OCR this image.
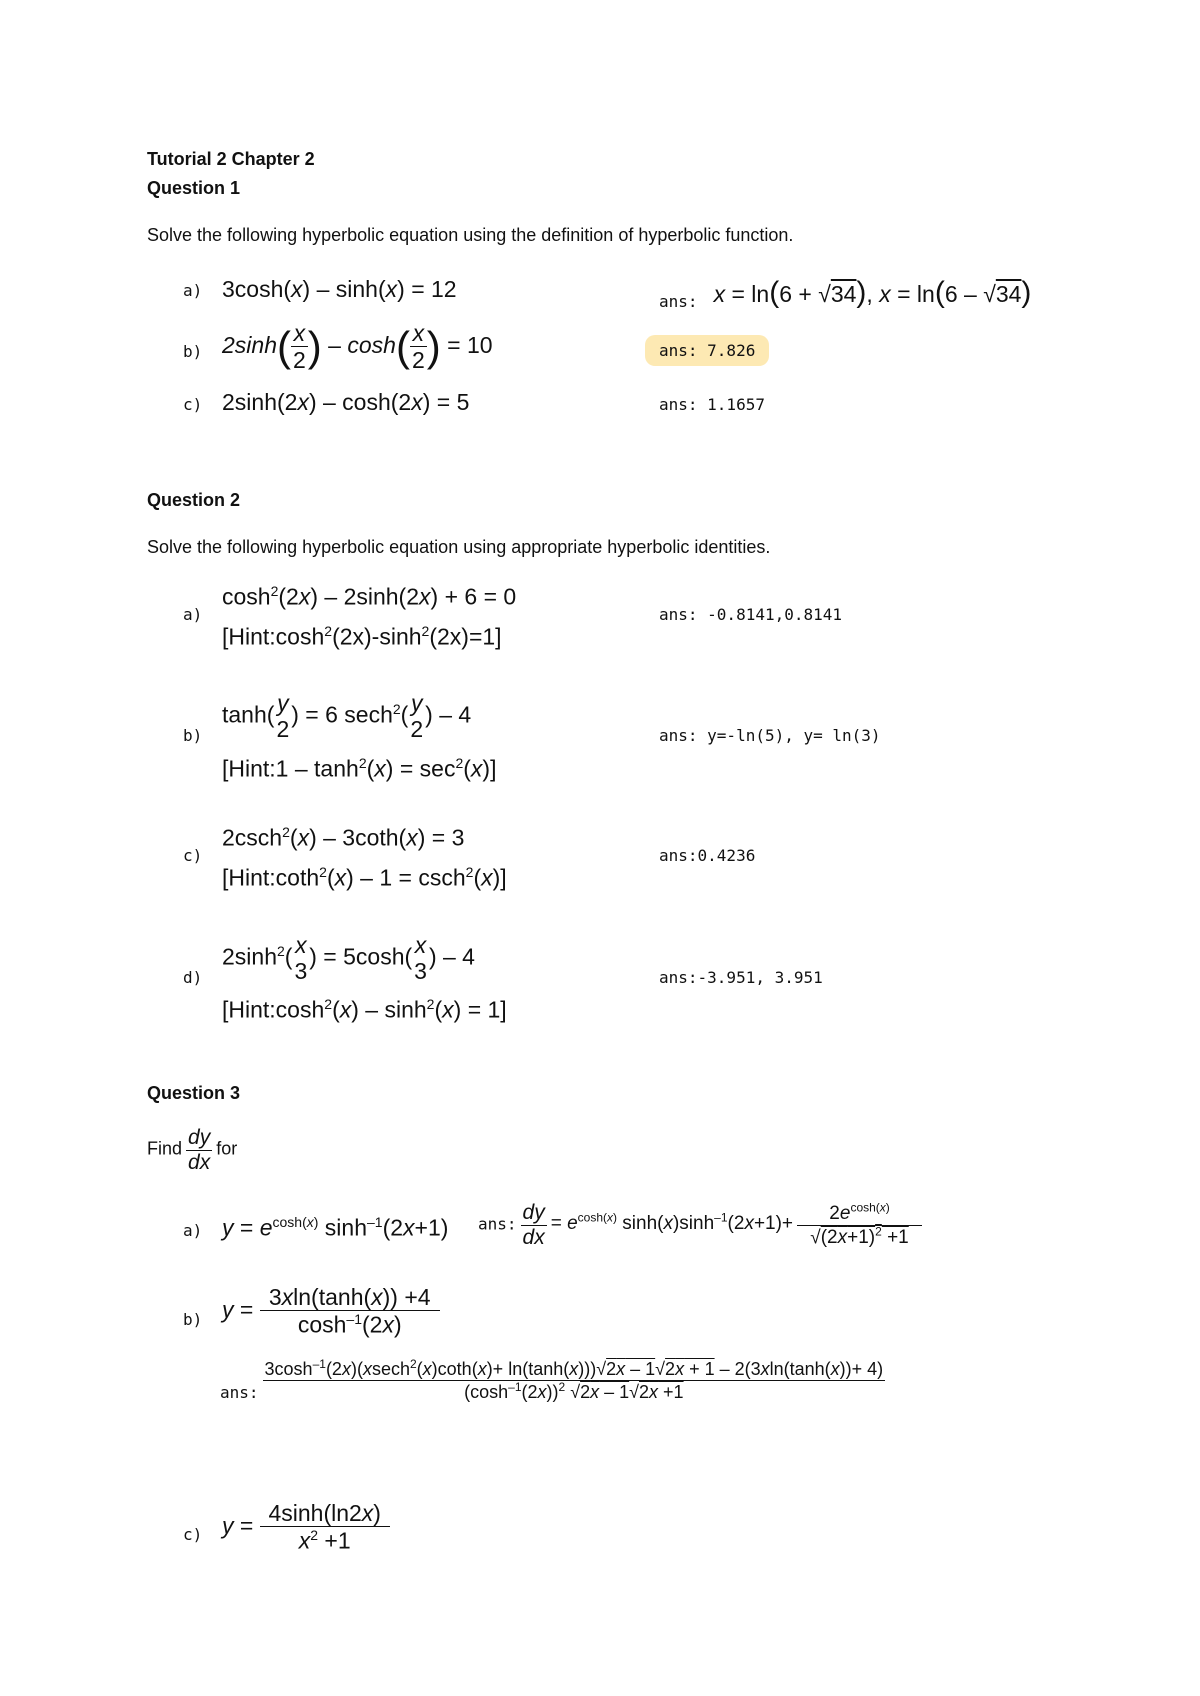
Tutorial 2 Chapter 2
Question 1
Solve the following hyperbolic equation using the definition of hyperbolic function.
a) 3cosh(x) – sinh(x) = 12	ans: x = ln(6 + √34), x = ln(6 – √34)
b) $2\sinh( \frac{x}{2}$ ) – $\cosh( \frac{x}{2}$ ) = 10	ans: 7.826
c) 2sinh(2x) – cosh(2x) = 5	ans: 1.1657
Question 2
Solve the following hyperbolic equation using appropriate hyperbolic identities.
a)
$\cosh^2(2x) - 2\sinh(2x) + 6 = 0$
$[Hint:\cosh^2(2x)-\sinh^2(2x)=1]$
ans: -0.8141,0.8141
b)
tanh( y
2
) = 6 sech$^2$( y
2
) – 4
[Hint:1 – $\tanh^2(x) = \sec^2(x)$]
ans: y=-ln(5), y= ln(3)
c)
2csch$^2$(x) – 3coth(x) = 3
[Hint:coth$^2$(x) – 1 = csch$^2$(x)]
ans:0.4236
d)
$2\sinh^2$( x
3
) = 5cosh( x
3
) – 4
$[Hint:\cosh^2(x) - \sinh^2(x) = 1]$
ans:-3.951, 3.951
Question 3
Find $\frac{dy}{dx}$ for
a) $y = e^{cosh(x)}$ $\sinh^{-1}(2x+1)$ ans: $\frac{dy}{dx} = e^{cosh(x)}$ $\sinh(x)\sinh^{-1}(2x+1)+ \frac{2e^{cosh(x)}}{√(2x+1)^2 +1}$
b) $y = \frac{3xln(\tanh(x)) +4}{\cosh^{-1}(2x)}$
ans:
$3\cosh^{-1}(2x)(xsech^2(x)\cot h(x)+ \ln(\tanh(x)))√2x - 1√2x + 1 - 2(3xln(\tanh(x))+ 4)$
$(\cosh^{-1}(2x))^2$ √2x – 1√2x +1
c) $y = \frac{4\sinh(\ln 2x)}{x^2 +1}$
